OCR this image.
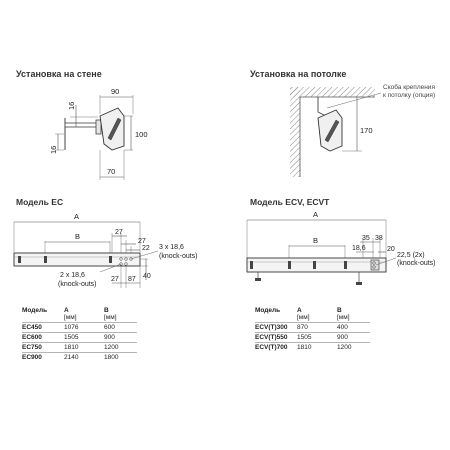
Установка на стене	Установка на потолке
Скоба крепления
к потолку (опция)
Модель EC	Модель ECV, ECVT
90
16
100
16
70
170
A
B	27
27
22 3 x 18,6
(knock-outs)
2 x 18,6
(knock-outs)
27 87 40
A
B	35 38
18,6	20
22,5 (2x)
(knock-outs)
Модель	A
[мм]	B
[мм]

EC450	1076	600
EC600	1505	900
EC750	1810	1200
EC900	2140	1800
Модель	A
[мм]	B
[мм]

ECV(T)300	870	400
ECV(T)550	1505	900
ECV(T)700	1810	1200
